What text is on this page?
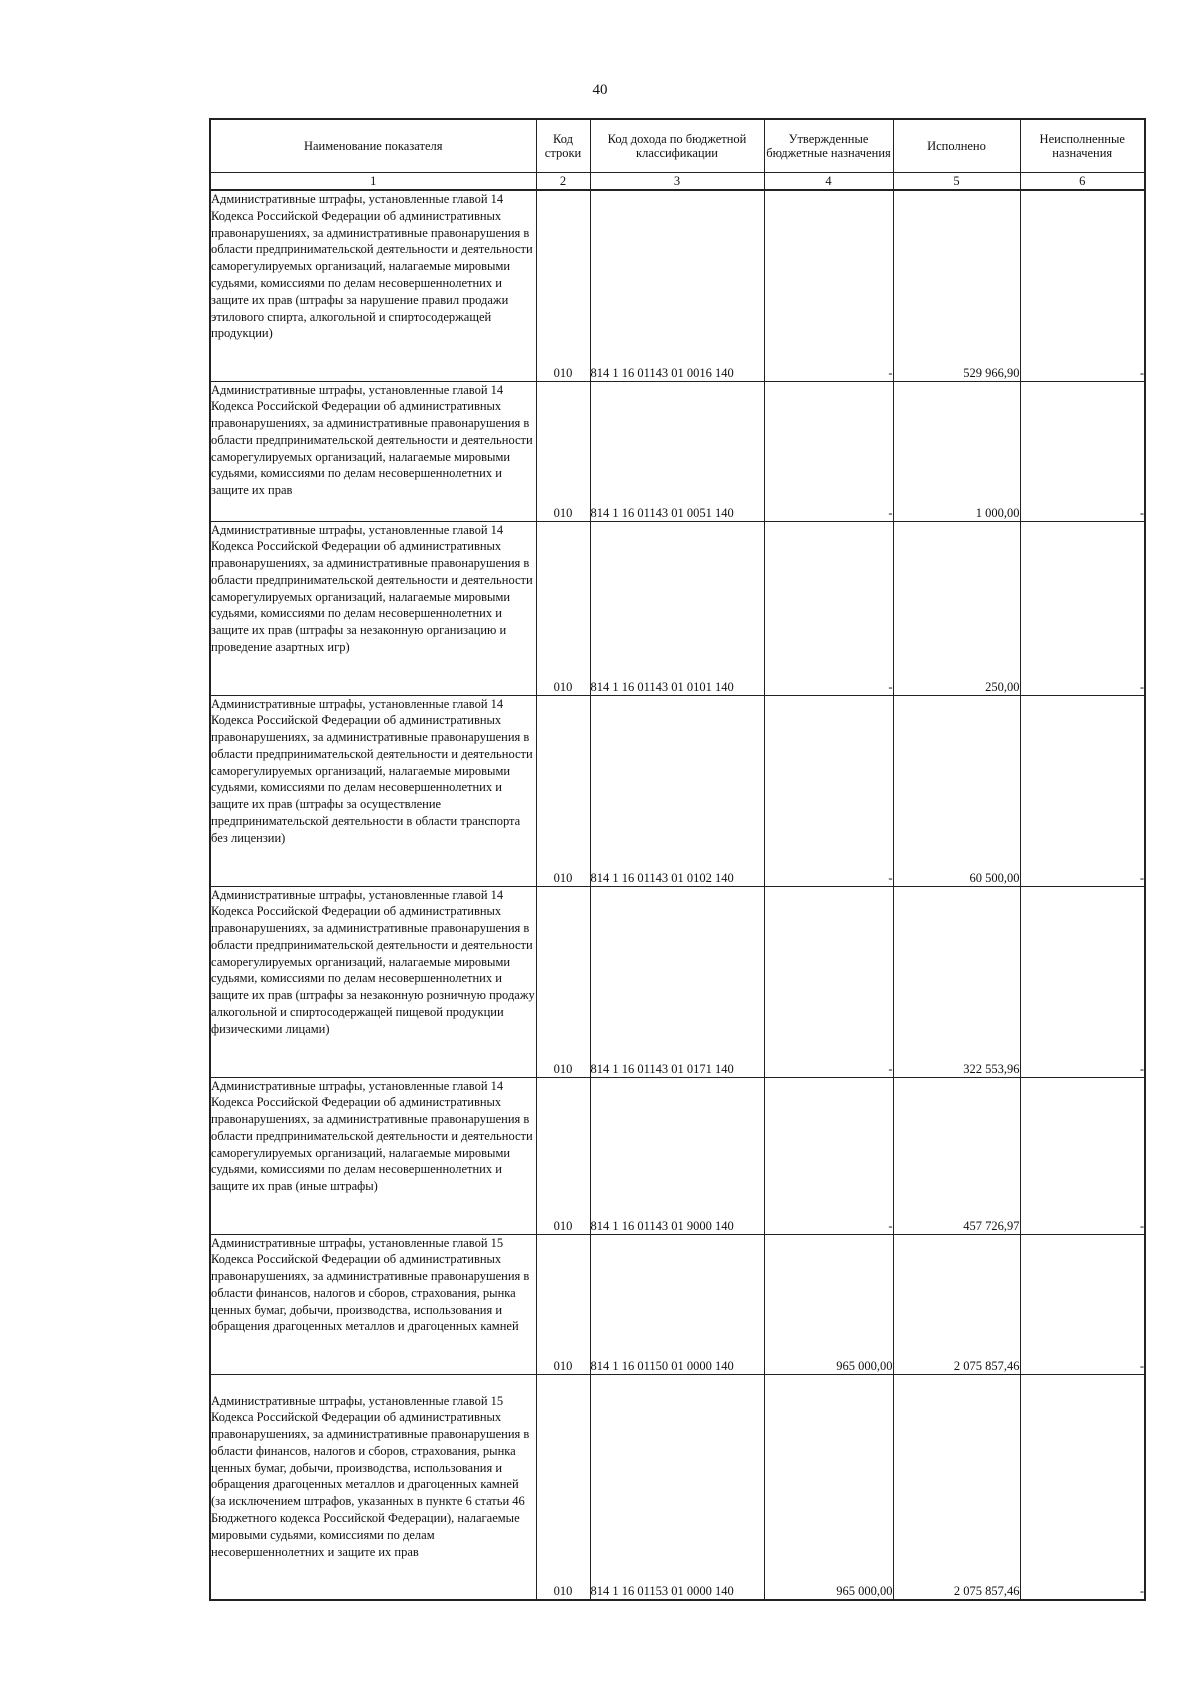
40
Наименование показателя	Код строки	Код дохода по бюджетной классификации	Утвержденные бюджетные назначения	Исполнено	Неисполненные назначения
1	2	3	4	5	6
Административные штрафы, установленные главой 14 Кодекса Российской Федерации об административных правонарушениях, за административные правонарушения в области предпринимательской деятельности и деятельности саморегулируемых организаций, налагаемые мировыми судьями, комиссиями по делам несовершеннолетних и защите их прав (штрафы за нарушение правил продажи этилового спирта, алкогольной и спиртосодержащей продукции)	010	814 1 16 01143 01 0016 140	-	529 966,90	-
Административные штрафы, установленные главой 14 Кодекса Российской Федерации об административных правонарушениях, за административные правонарушения в области предпринимательской деятельности и деятельности саморегулируемых организаций, налагаемые мировыми судьями, комиссиями по делам несовершеннолетних и защите их прав	010	814 1 16 01143 01 0051 140	-	1 000,00	-
Административные штрафы, установленные главой 14 Кодекса Российской Федерации об административных правонарушениях, за административные правонарушения в области предпринимательской деятельности и деятельности саморегулируемых организаций, налагаемые мировыми судьями, комиссиями по делам несовершеннолетних и защите их прав (штрафы за незаконную организацию и проведение азартных игр)	010	814 1 16 01143 01 0101 140	-	250,00	-
Административные штрафы, установленные главой 14 Кодекса Российской Федерации об административных правонарушениях, за административные правонарушения в области предпринимательской деятельности и деятельности саморегулируемых организаций, налагаемые мировыми судьями, комиссиями по делам несовершеннолетних и защите их прав (штрафы за осуществление предпринимательской деятельности в области транспорта без лицензии)	010	814 1 16 01143 01 0102 140	-	60 500,00	-
Административные штрафы, установленные главой 14 Кодекса Российской Федерации об административных правонарушениях, за административные правонарушения в области предпринимательской деятельности и деятельности саморегулируемых организаций, налагаемые мировыми судьями, комиссиями по делам несовершеннолетних и защите их прав (штрафы за незаконную розничную продажу алкогольной и спиртосодержащей пищевой продукции физическими лицами)	010	814 1 16 01143 01 0171 140	-	322 553,96	-
Административные штрафы, установленные главой 14 Кодекса Российской Федерации об административных правонарушениях, за административные правонарушения в области предпринимательской деятельности и деятельности саморегулируемых организаций, налагаемые мировыми судьями, комиссиями по делам несовершеннолетних и защите их прав (иные штрафы)	010	814 1 16 01143 01 9000 140	-	457 726,97	-
Административные штрафы, установленные главой 15 Кодекса Российской Федерации об административных правонарушениях, за административные правонарушения в области финансов, налогов и сборов, страхования, рынка ценных бумаг, добычи, производства, использования и обращения драгоценных металлов и драгоценных камней	010	814 1 16 01150 01 0000 140	965 000,00	2 075 857,46	-
Административные штрафы, установленные главой 15 Кодекса Российской Федерации об административных правонарушениях, за административные правонарушения в области финансов, налогов и сборов, страхования, рынка ценных бумаг, добычи, производства, использования и обращения драгоценных металлов и драгоценных камней (за исключением штрафов, указанных в пункте 6 статьи 46 Бюджетного кодекса Российской Федерации), налагаемые мировыми судьями, комиссиями по делам несовершеннолетних и защите их прав	010	814 1 16 01153 01 0000 140	965 000,00	2 075 857,46	-
